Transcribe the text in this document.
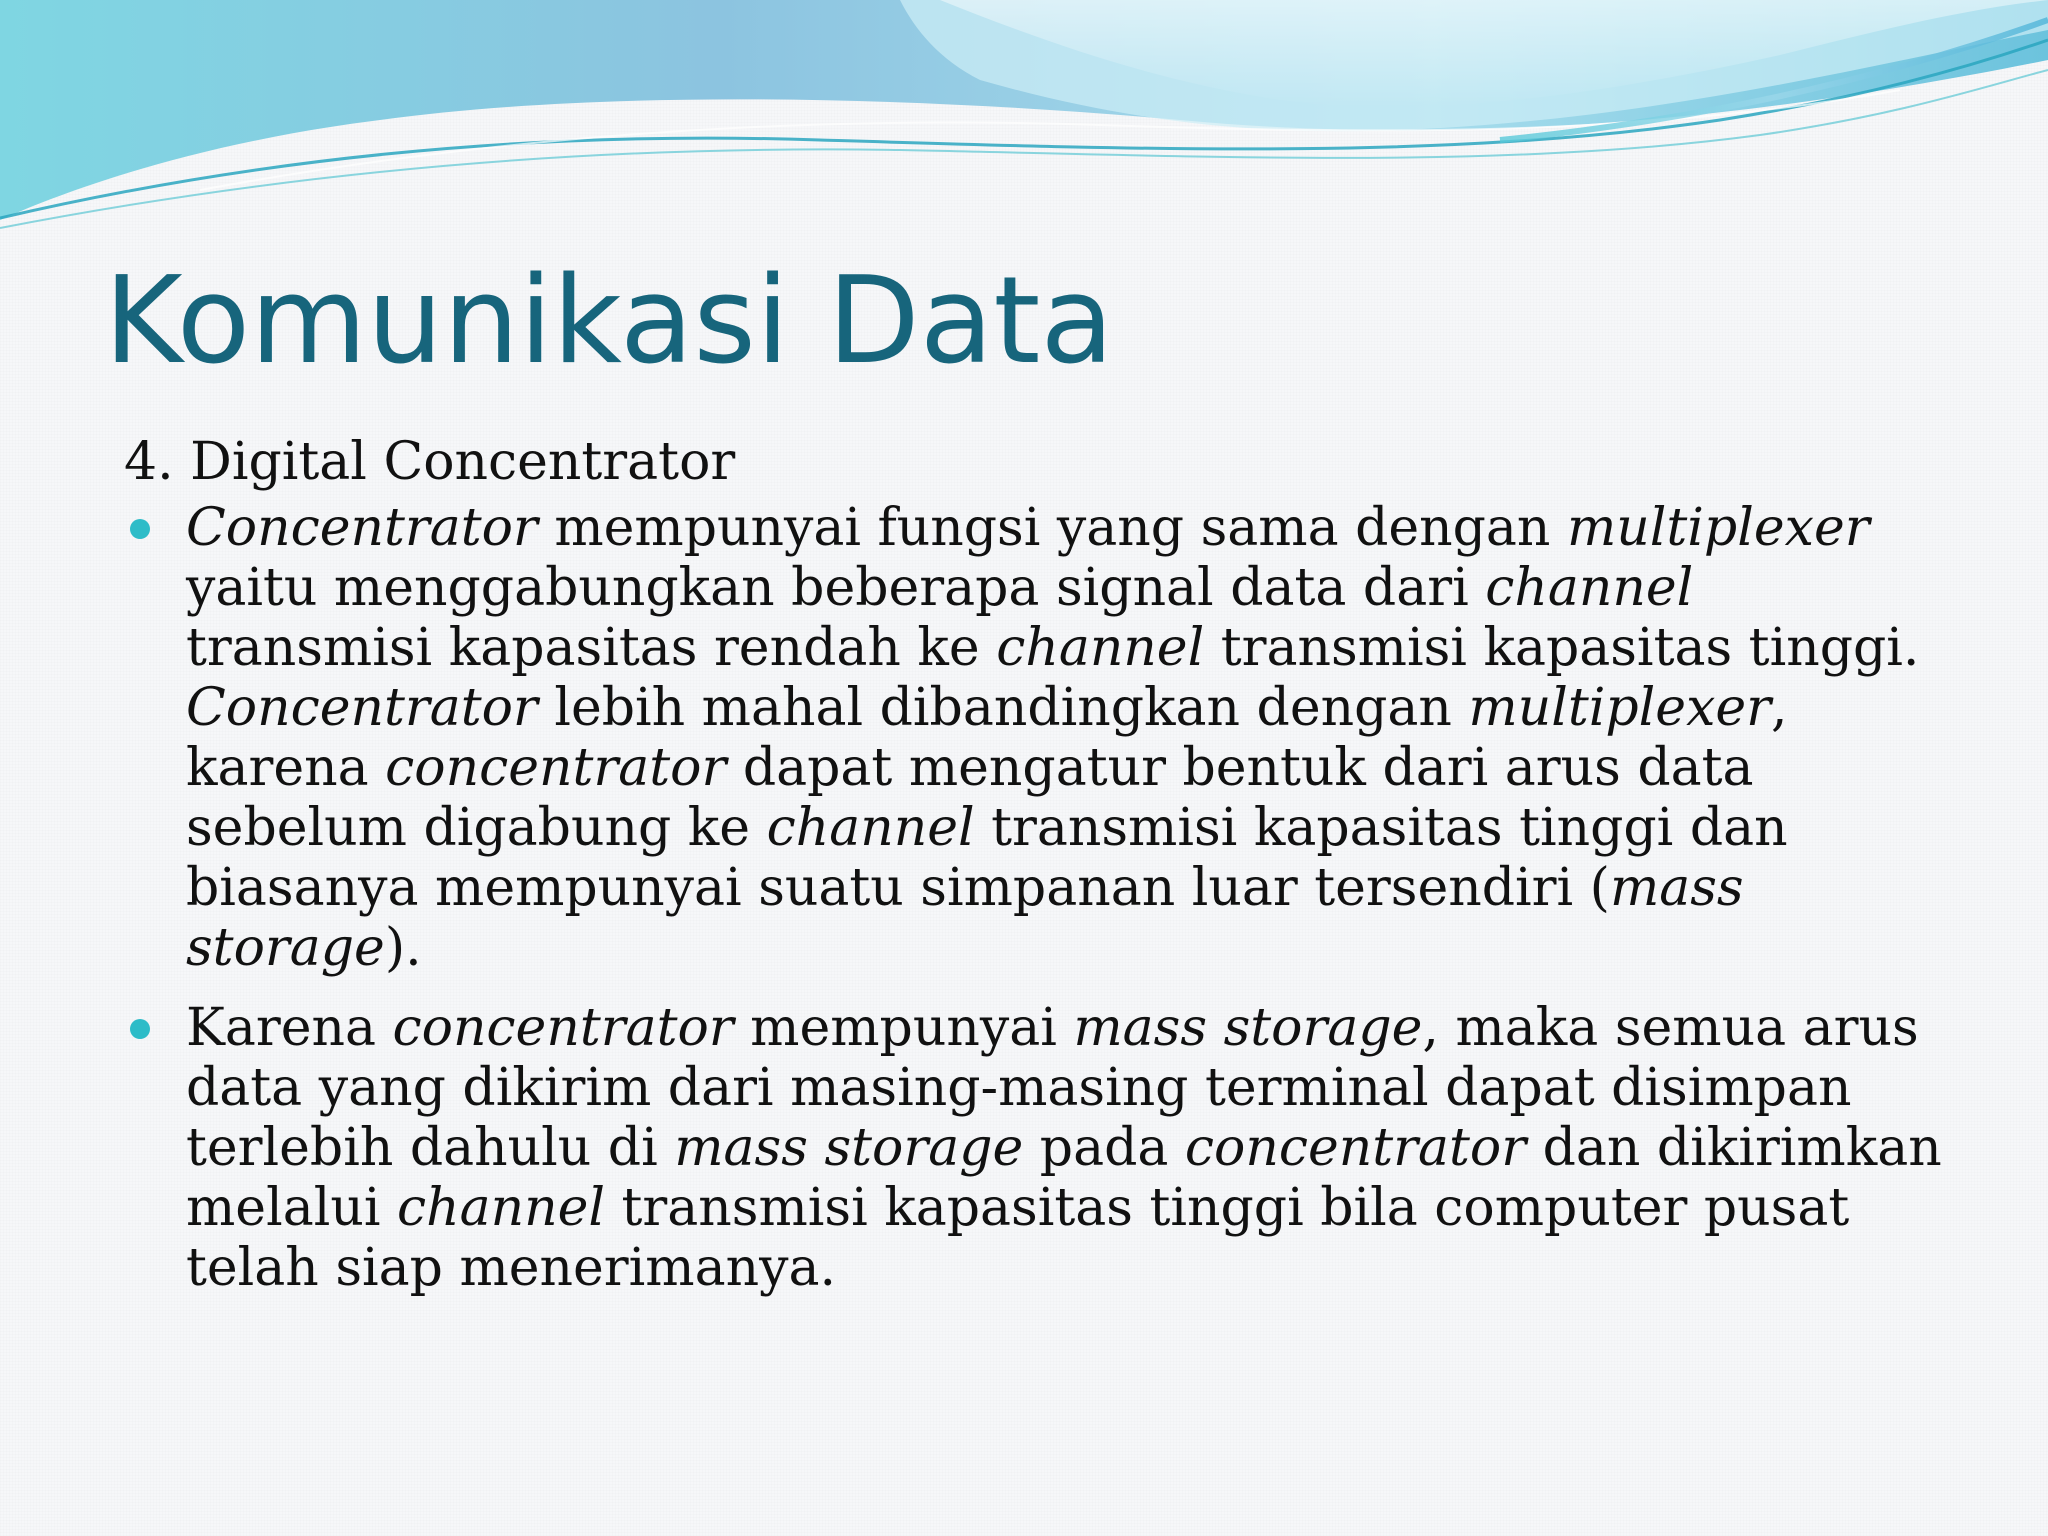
Komunikasi Data
4. Digital Concentrator
Concentrator mempunyai fungsi yang sama dengan multiplexer yaitu menggabungkan beberapa signal data dari channel transmisi kapasitas rendah ke channel transmisi kapasitas tinggi. Concentrator lebih mahal dibandingkan dengan multiplexer, karena concentrator dapat mengatur bentuk dari arus data sebelum digabung ke channel transmisi kapasitas tinggi dan biasanya mempunyai suatu simpanan luar tersendiri (mass storage).
Karena concentrator mempunyai mass storage, maka semua arus data yang dikirim dari masing-masing terminal dapat disimpan terlebih dahulu di mass storage pada concentrator dan dikirimkan melalui channel transmisi kapasitas tinggi bila computer pusat telah siap menerimanya.
